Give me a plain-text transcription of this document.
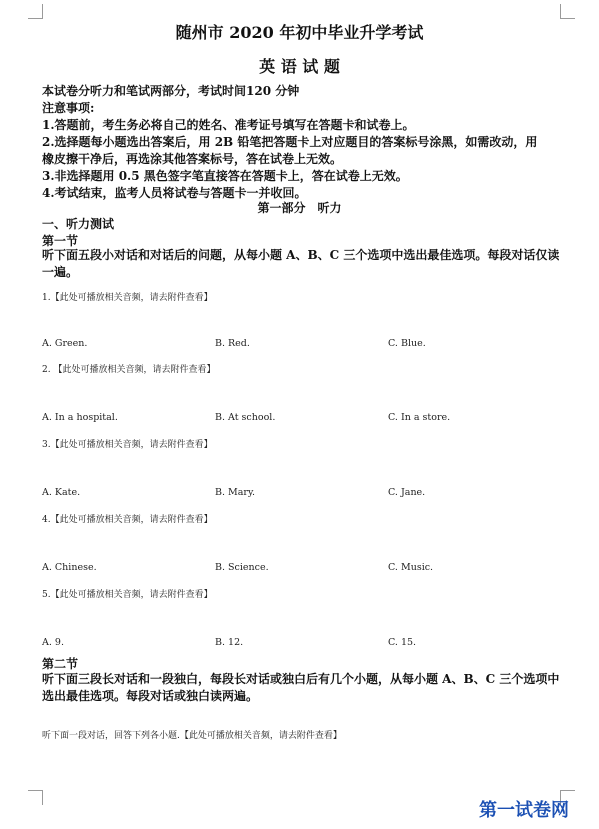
随州市 2020 年初中毕业升学考试
英 语 试 题
本试卷分听力和笔试两部分，考试时间120 分钟
注意事项:
1.答题前，考生务必将自己的姓名、准考证号填写在答题卡和试卷上。
2.选择题每小题选出答案后，用 2B 铅笔把答题卡上对应题目的答案标号涂黑，如需改动，用
橡皮擦干净后，再选涂其他答案标号，答在试卷上无效。
3.非选择题用 0.5 黑色签字笔直接答在答题卡上，答在试卷上无效。
4.考试结束，监考人员将试卷与答题卡一并收回。
第一部分　听力
一、听力测试
第一节
听下面五段小对话和对话后的问题，从每小题 A、B、C 三个选项中选出最佳选项。每段对话仅读一遍。
1.【此处可播放相关音频，请去附件查看】
A. Green.	B. Red.	C. Blue.
2. 【此处可播放相关音频，请去附件查看】
A. In a hospital.	B. At school.	C. In a store.
3.【此处可播放相关音频，请去附件查看】
A. Kate.	B. Mary.	C. Jane.
4.【此处可播放相关音频，请去附件查看】
A. Chinese.	B. Science.	C. Music.
5.【此处可播放相关音频，请去附件查看】
A. 9.	B. 12.	C. 15.
第二节
听下面三段长对话和一段独白，每段长对话或独白后有几个小题，从每小题 A、B、C 三个选项中选出最佳选项。每段对话或独白读两遍。
听下面一段对话，回答下列各小题.【此处可播放相关音频，请去附件查看】
第一试卷网
